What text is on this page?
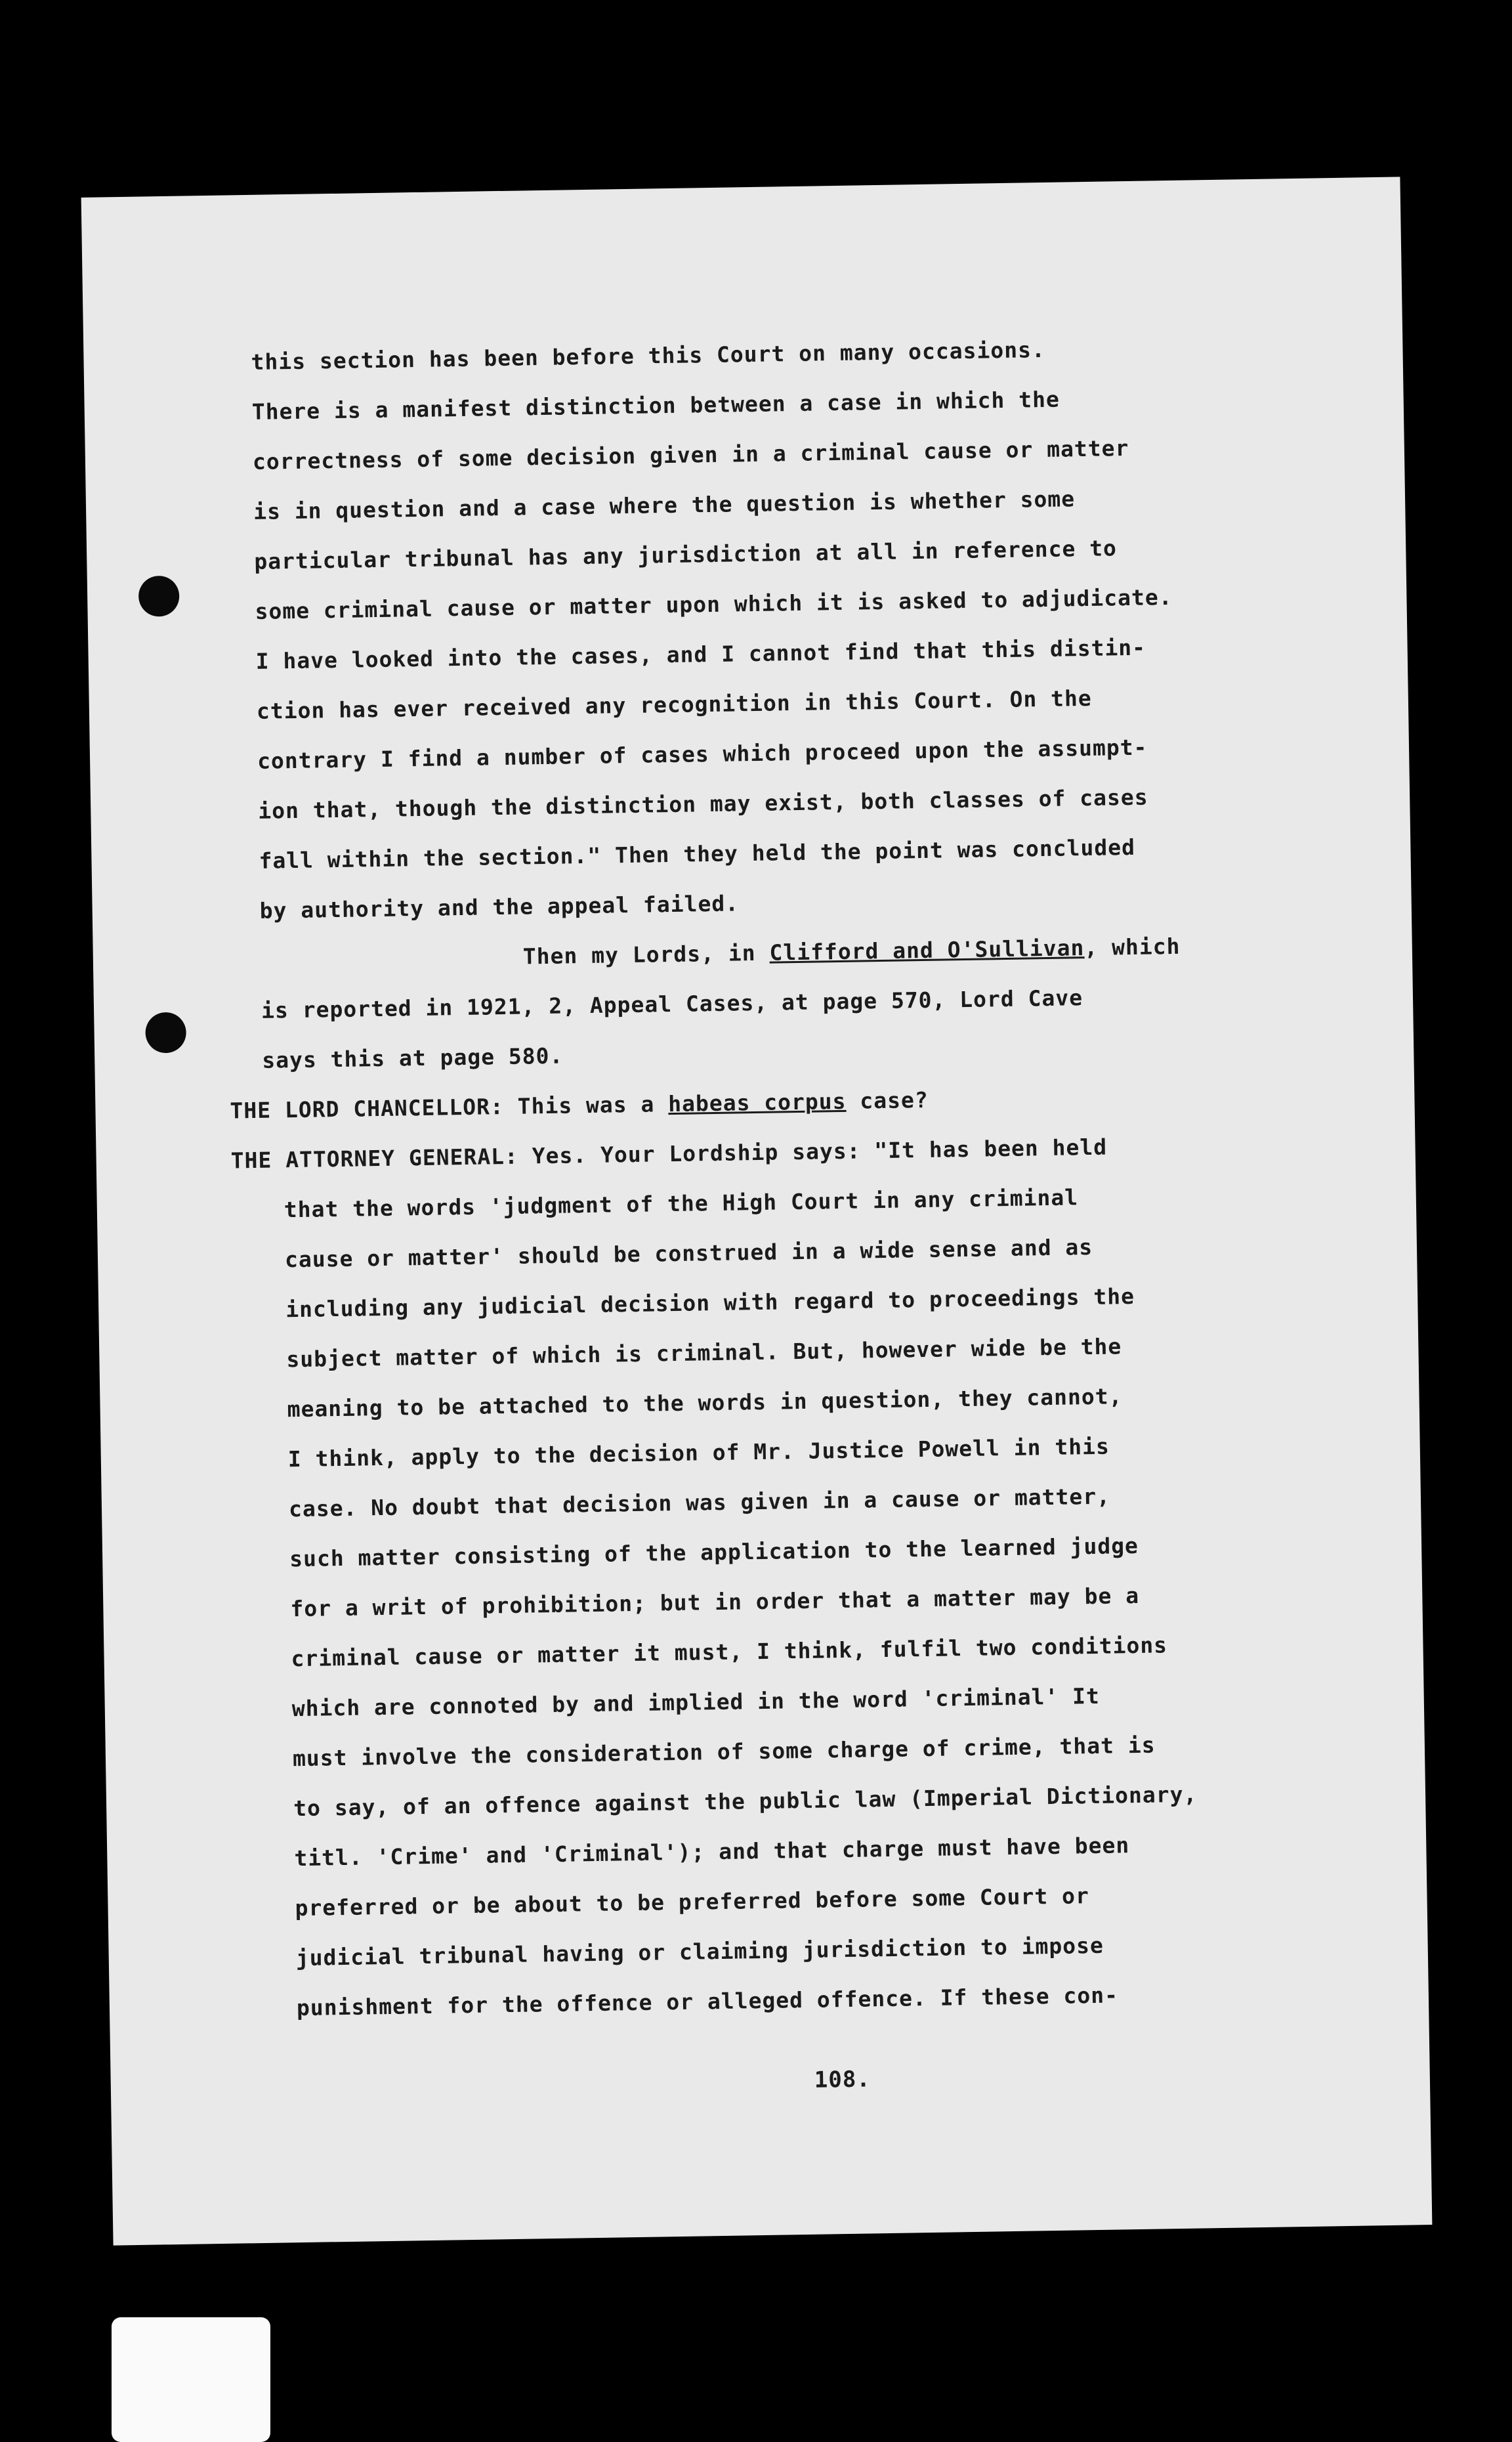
this section has been before this Court on many occasions.
There is a manifest distinction between a case in which the
correctness of some decision given in a criminal cause or matter
is in question and a case where the question is whether some
particular tribunal has any jurisdiction at all in reference to
some criminal cause or matter upon which it is asked to adjudicate.
I have looked into the cases, and I cannot find that this distin-
ction has ever received any recognition in this Court. On the
contrary I find a number of cases which proceed upon the assumpt-
ion that, though the distinction may exist, both classes of cases
fall within the section." Then they held the point was concluded
by authority and the appeal failed.
Then my Lords, in Clifford and O'Sullivan, which
is reported in 1921, 2, Appeal Cases, at page 570, Lord Cave
says this at page 580.
THE LORD CHANCELLOR: This was a habeas corpus case?
THE ATTORNEY GENERAL: Yes. Your Lordship says: "It has been held
that the words 'judgment of the High Court in any criminal
cause or matter' should be construed in a wide sense and as
including any judicial decision with regard to proceedings the
subject matter of which is criminal. But, however wide be the
meaning to be attached to the words in question, they cannot,
I think, apply to the decision of Mr. Justice Powell in this
case. No doubt that decision was given in a cause or matter,
such matter consisting of the application to the learned judge
for a writ of prohibition; but in order that a matter may be a
criminal cause or matter it must, I think, fulfil two conditions
which are connoted by and implied in the word 'criminal' It
must involve the consideration of some charge of crime, that is
to say, of an offence against the public law (Imperial Dictionary,
titl. 'Crime' and 'Criminal'); and that charge must have been
preferred or be about to be preferred before some Court or
judicial tribunal having or claiming jurisdiction to impose
punishment for the offence or alleged offence. If these con-
108.
